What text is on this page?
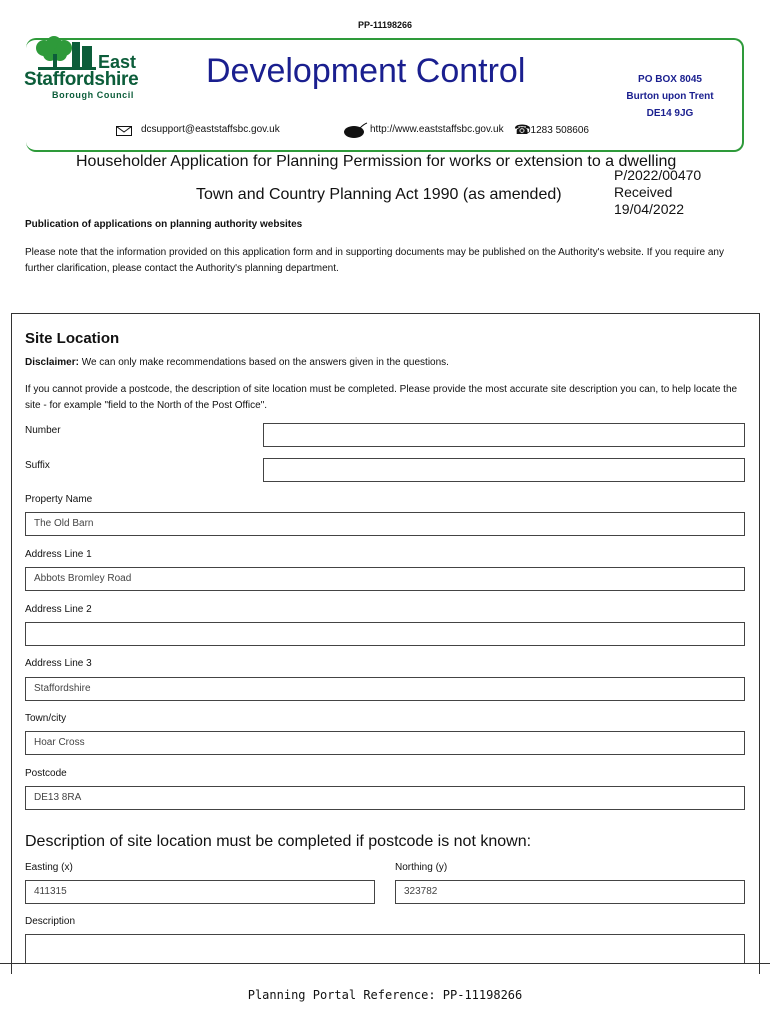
PP-11198266
East
Staffordshire
Borough Council
Development Control	PO BOX 8045
Burton upon Trent
DE14 9JG
dcsupport@eaststaffsbc.gov.uk	http://www.eaststaffsbc.gov.uk ☎
01283 508606
Householder Application for Planning Permission for works or extension to a dwelling
P/2022/00470
Received
19/04/2022
Town and Country Planning Act 1990 (as amended)
Publication of applications on planning authority websites
Please note that the information provided on this application form and in supporting documents may be published on the Authority's website. If you require any further clarification, please contact the Authority's planning department.
Site Location
Disclaimer: We can only make recommendations based on the answers given in the questions.
If you cannot provide a postcode, the description of site location must be completed. Please provide the most accurate site description you can, to help locate the site - for example "field to the North of the Post Office".
Number
Suffix
Property Name
The Old Barn
Address Line 1
Abbots Bromley Road
Address Line 2
Address Line 3
Staffordshire
Town/city
Hoar Cross
Postcode
DE13 8RA
Description of site location must be completed if postcode is not known:
Easting (x)
411315
Northing (y)
323782
Description
Planning Portal Reference: PP-11198266
